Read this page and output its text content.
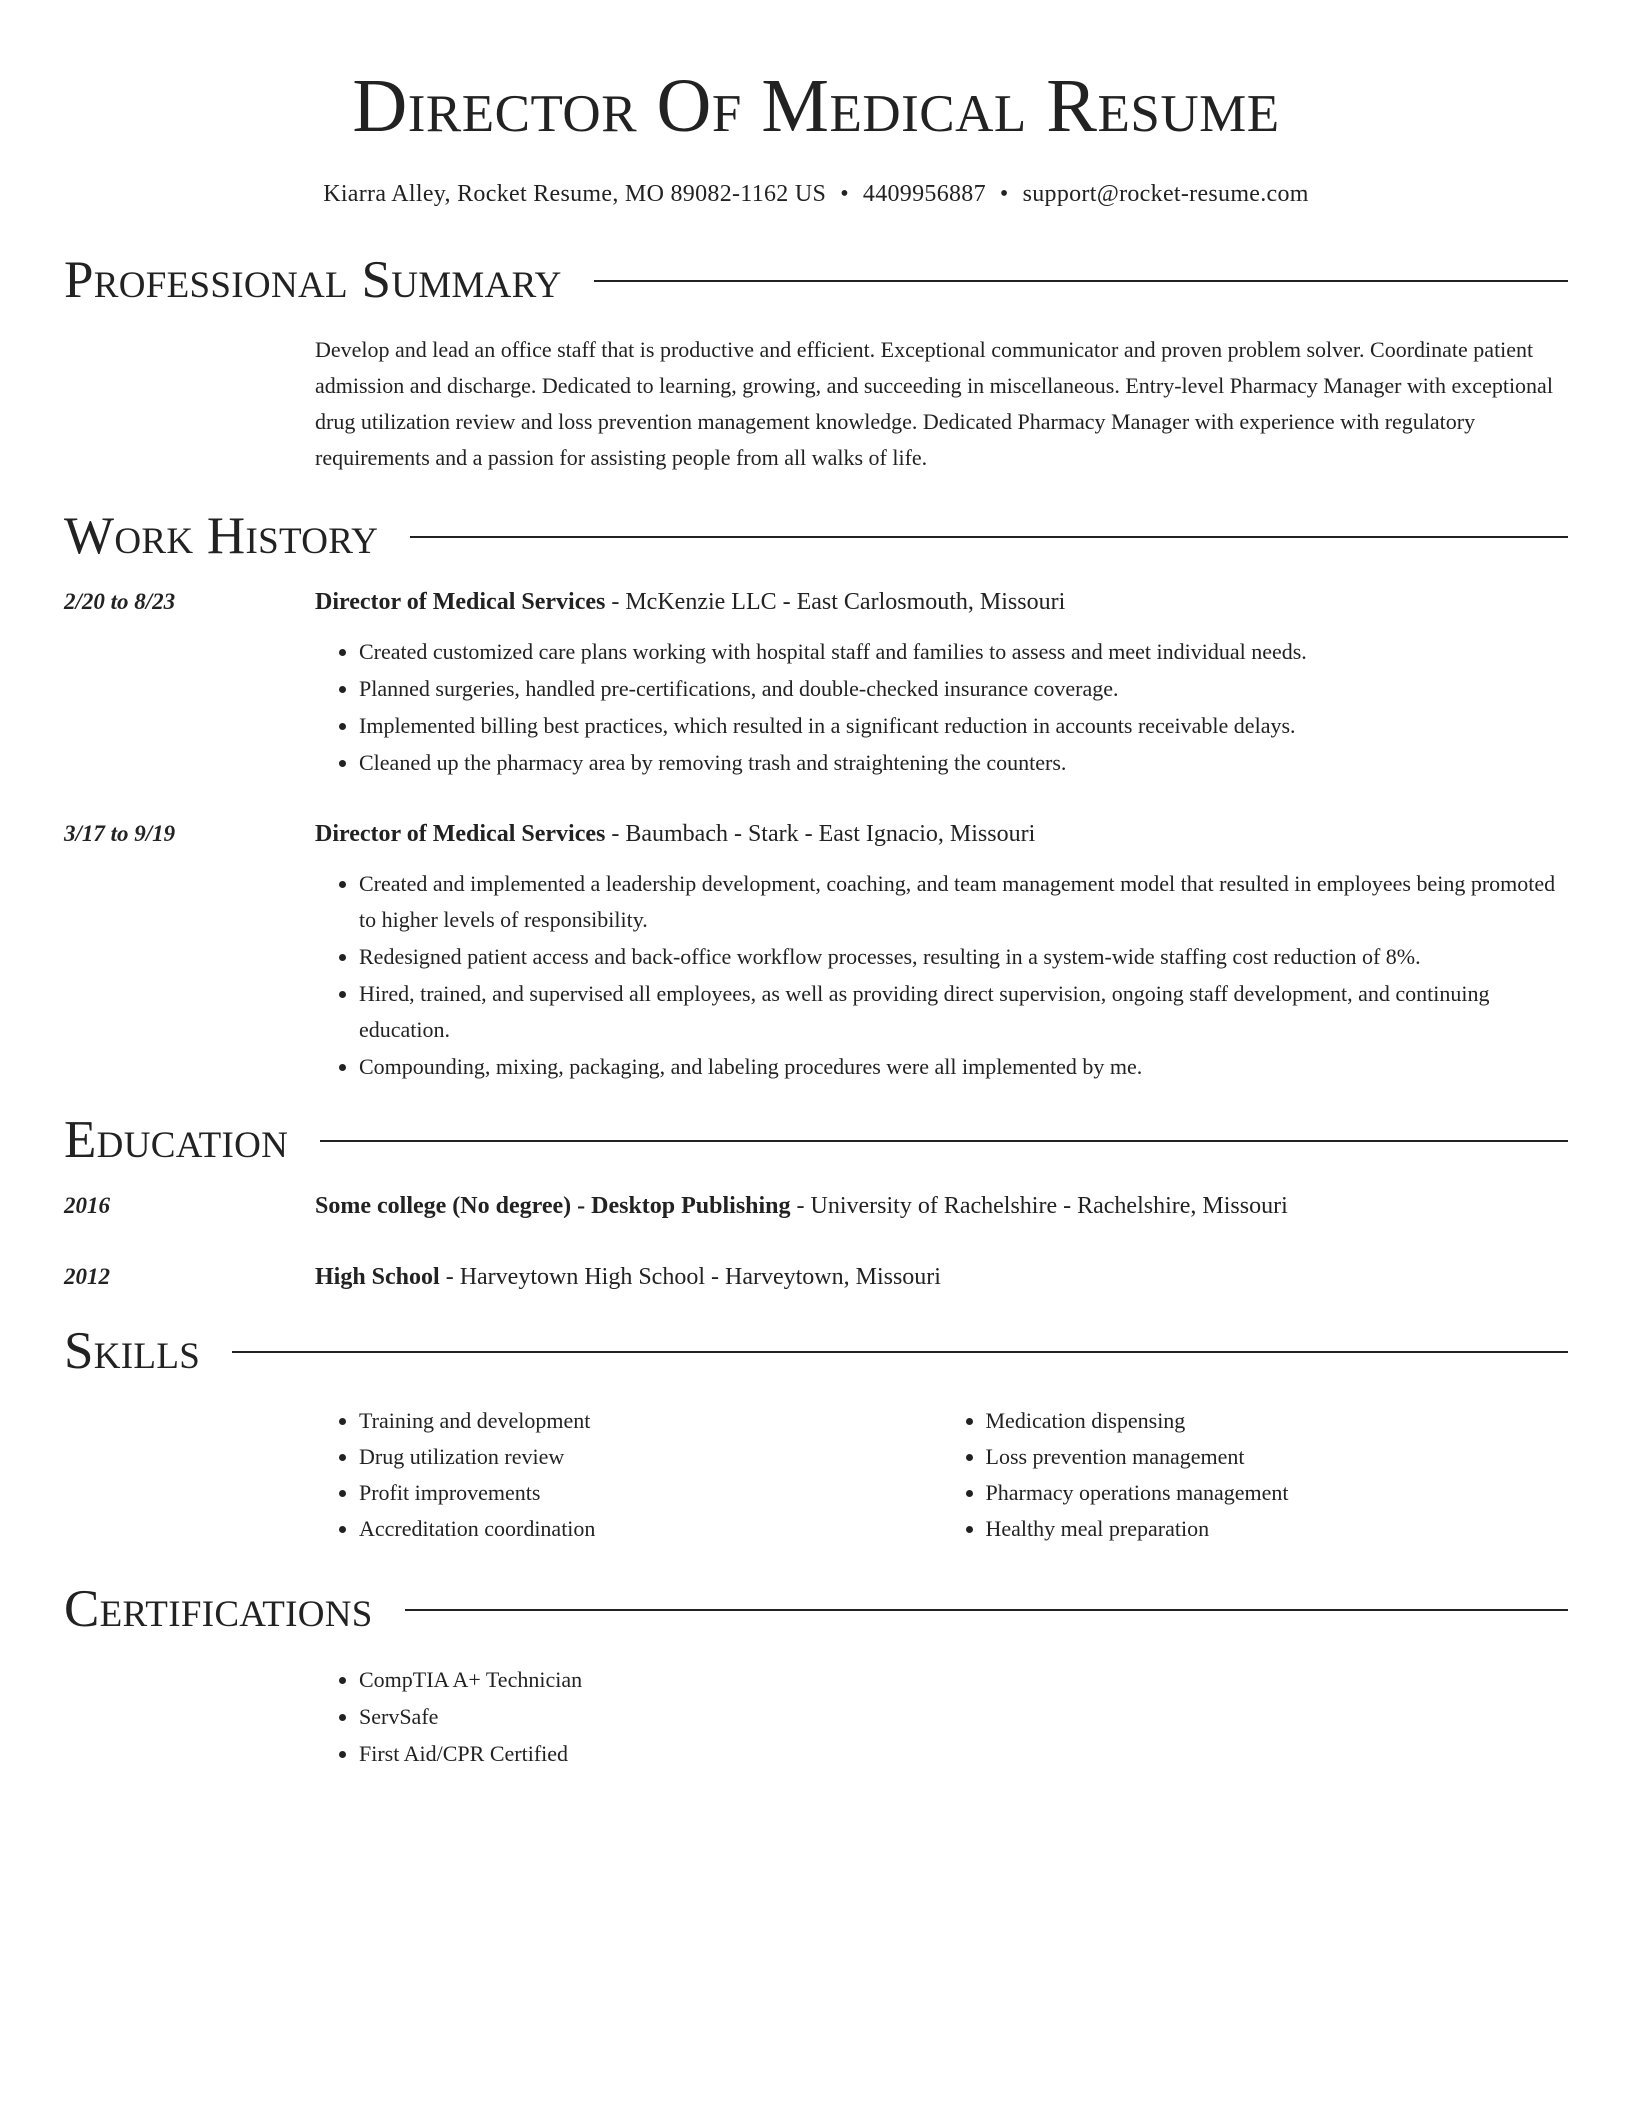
Director Of Medical Resume
Kiarra Alley, Rocket Resume, MO 89082-1162 US • 4409956887 • support@rocket-resume.com
Professional Summary
Develop and lead an office staff that is productive and efficient. Exceptional communicator and proven problem solver. Coordinate patient admission and discharge. Dedicated to learning, growing, and succeeding in miscellaneous. Entry-level Pharmacy Manager with exceptional drug utilization review and loss prevention management knowledge. Dedicated Pharmacy Manager with experience with regulatory requirements and a passion for assisting people from all walks of life.
Work History
2/20 to 8/23	Director of Medical Services - McKenzie LLC - East Carlosmouth, Missouri
• Created customized care plans working with hospital staff and families to assess and meet individual needs.
• Planned surgeries, handled pre-certifications, and double-checked insurance coverage.
• Implemented billing best practices, which resulted in a significant reduction in accounts receivable delays.
• Cleaned up the pharmacy area by removing trash and straightening the counters.
3/17 to 9/19	Director of Medical Services - Baumbach - Stark - East Ignacio, Missouri
• Created and implemented a leadership development, coaching, and team management model that resulted in employees being promoted to higher levels of responsibility.
• Redesigned patient access and back-office workflow processes, resulting in a system-wide staffing cost reduction of 8%.
• Hired, trained, and supervised all employees, as well as providing direct supervision, ongoing staff development, and continuing education.
• Compounding, mixing, packaging, and labeling procedures were all implemented by me.
Education
2016	Some college (No degree) - Desktop Publishing - University of Rachelshire - Rachelshire, Missouri
2012	High School - Harveytown High School - Harveytown, Missouri
Skills
• Training and development
• Drug utilization review
• Profit improvements
• Accreditation coordination
• Medication dispensing
• Loss prevention management
• Pharmacy operations management
• Healthy meal preparation
Certifications
• CompTIA A+ Technician
• ServSafe
• First Aid/CPR Certified
